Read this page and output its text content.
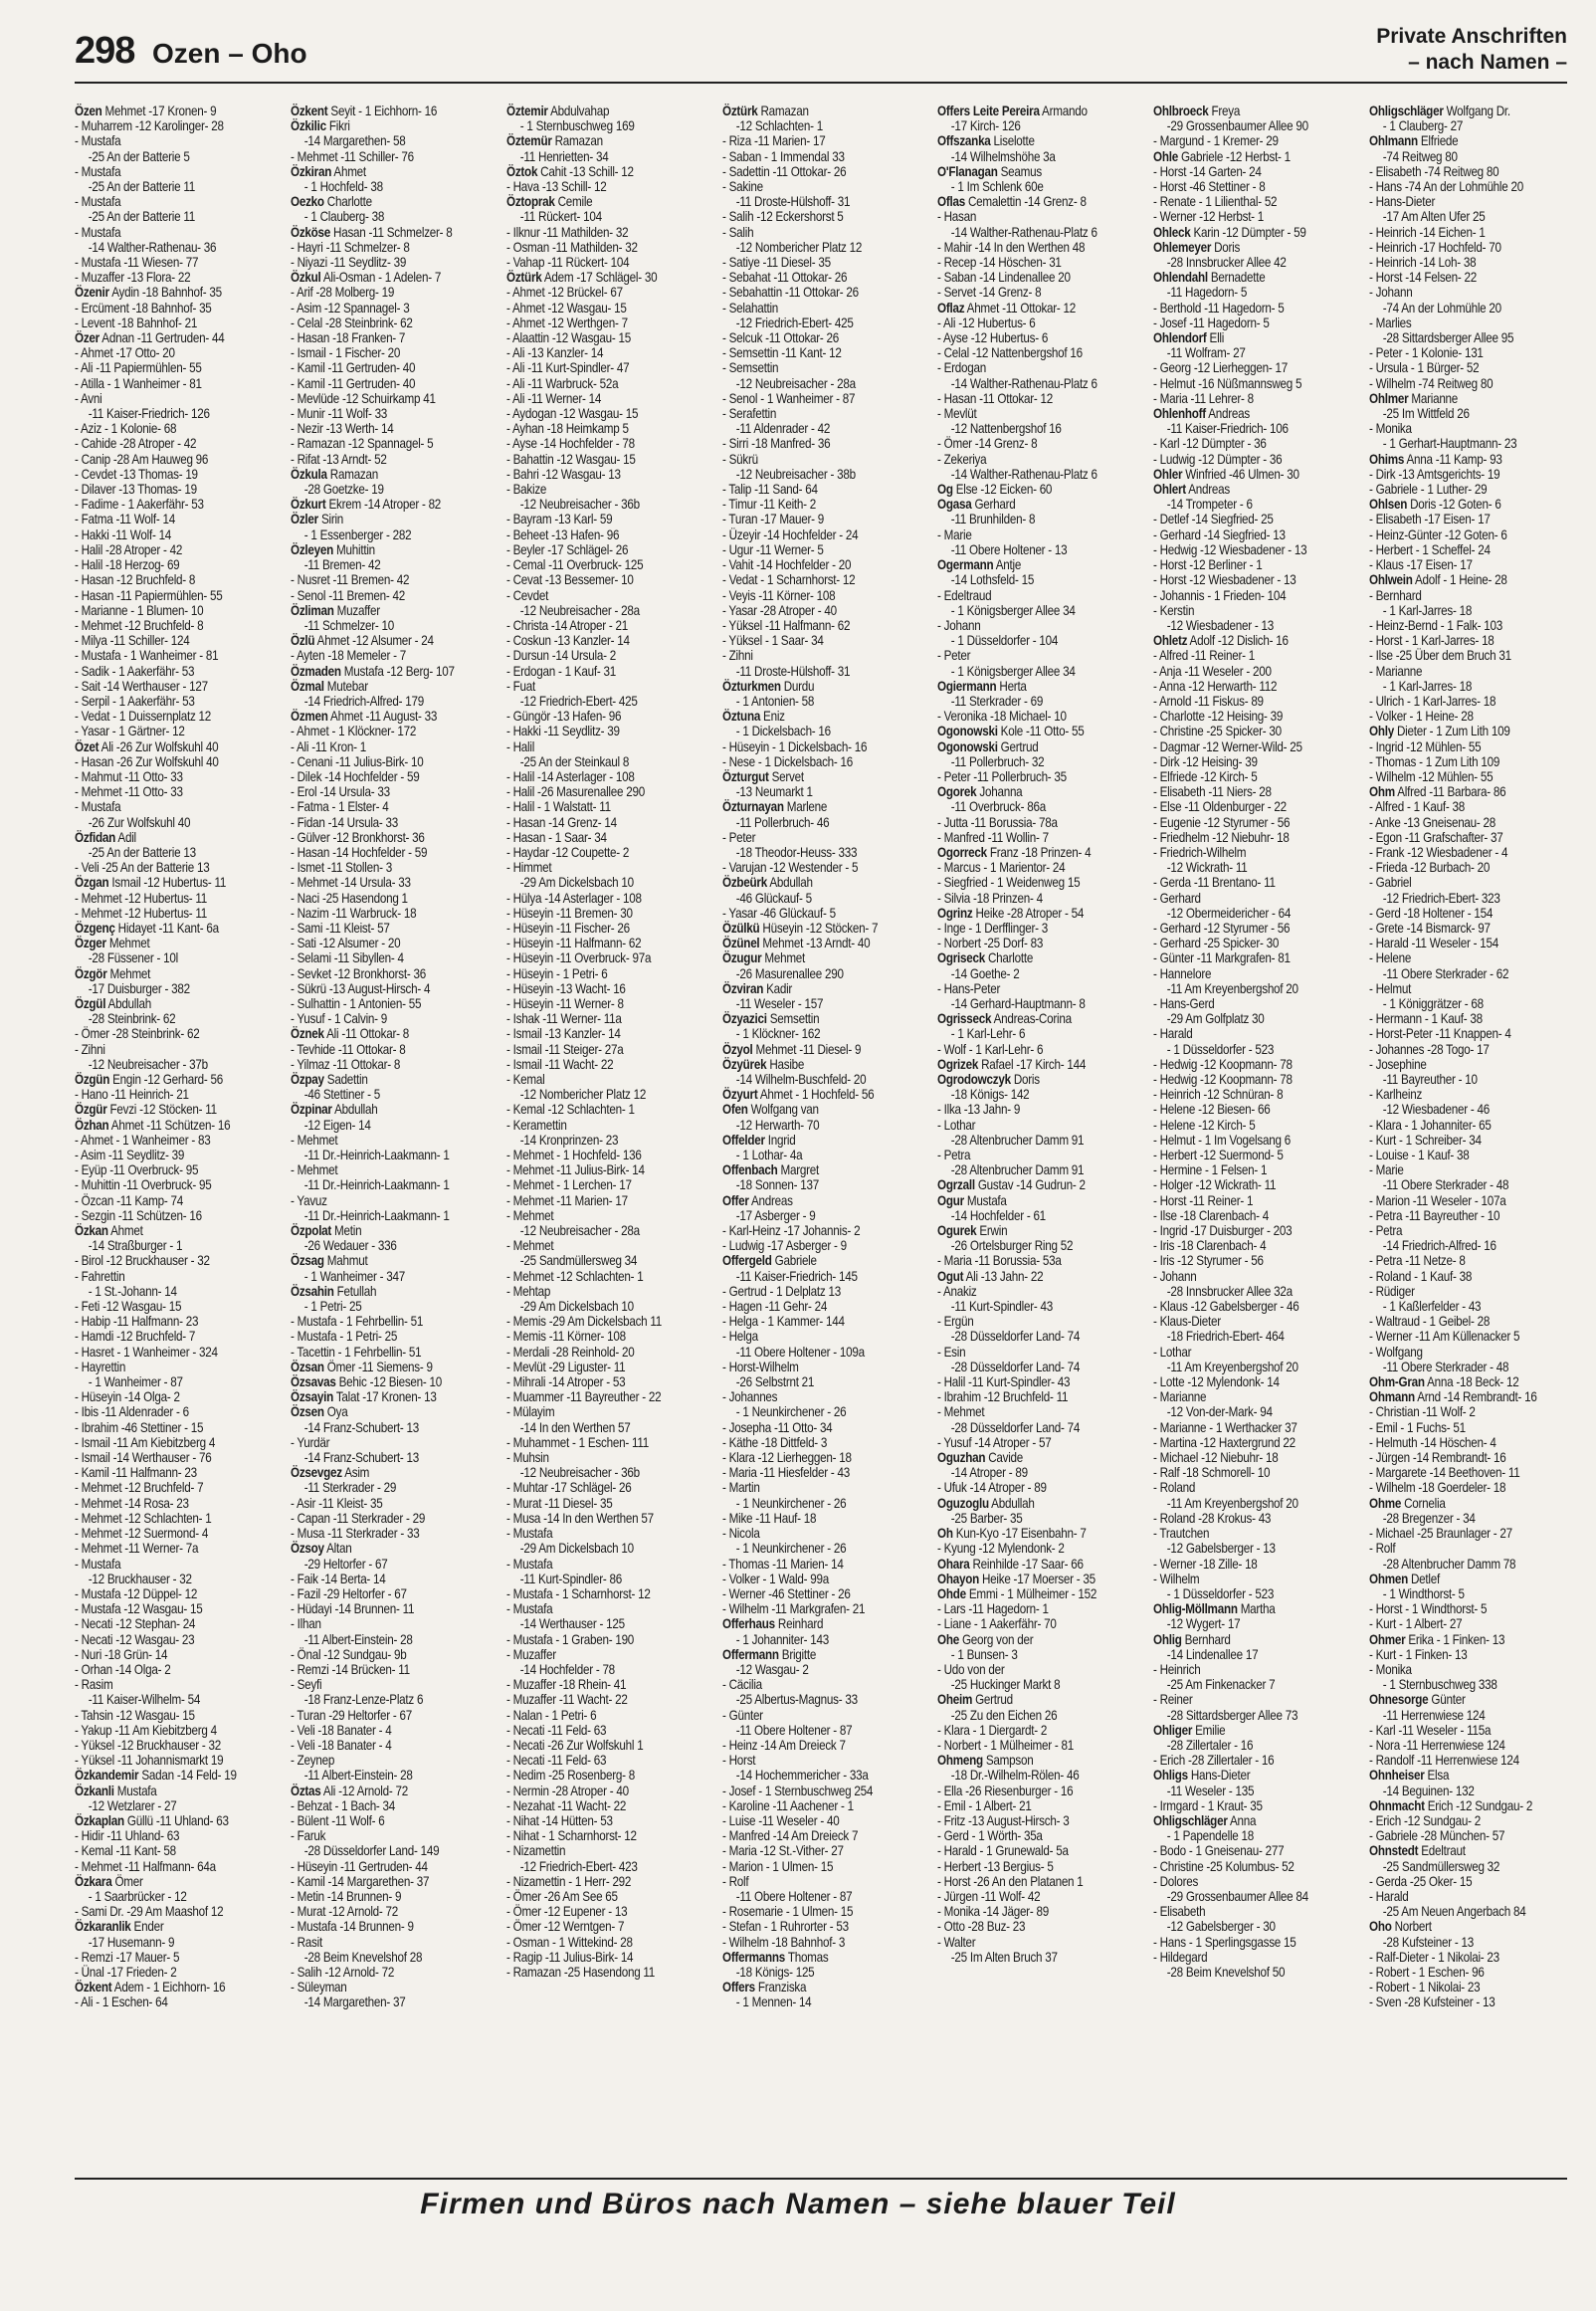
298 Ozen – Oho
Private Anschriften
– nach Namen –
Özen Mehmet -17 Kronen- 9
- Muharrem -12 Karolinger- 28
- Mustafa
-25 An der Batterie 5
- Mustafa
-25 An der Batterie 11
- Mustafa
-25 An der Batterie 11
- Mustafa
-14 Walther-Rathenau- 36
- Mustafa -11 Wiesen- 77
- Muzaffer -13 Flora- 22
Özenir Aydin -18 Bahnhof- 35
- Ercüment -18 Bahnhof- 35
- Levent -18 Bahnhof- 21
Özer Adnan -11 Gertruden- 44
- Ahmet -17 Otto- 20
- Ali -11 Papiermühlen- 55
- Atilla - 1 Wanheimer - 81
- Avni
-11 Kaiser-Friedrich- 126
- Aziz - 1 Kolonie- 68
- Cahide -28 Atroper - 42
- Canip -28 Am Hauweg 96
- Cevdet -13 Thomas- 19
- Dilaver -13 Thomas- 19
- Fadime - 1 Aakerfähr- 53
- Fatma -11 Wolf- 14
- Hakki -11 Wolf- 14
- Halil -28 Atroper - 42
- Halil -18 Herzog- 69
- Hasan -12 Bruchfeld- 8
- Hasan -11 Papiermühlen- 55
- Marianne - 1 Blumen- 10
- Mehmet -12 Bruchfeld- 8
- Milya -11 Schiller- 124
- Mustafa - 1 Wanheimer - 81
- Sadik - 1 Aakerfähr- 53
- Sait -14 Werthauser - 127
- Serpil - 1 Aakerfähr- 53
- Vedat - 1 Duissernplatz 12
- Yasar - 1 Gärtner- 12
Özet Ali -26 Zur Wolfskuhl 40
- Hasan -26 Zur Wolfskuhl 40
- Mahmut -11 Otto- 33
- Mehmet -11 Otto- 33
- Mustafa
-26 Zur Wolfskuhl 40
Özfidan Adil
-25 An der Batterie 13
- Veli -25 An der Batterie 13
Özgan Ismail -12 Hubertus- 11
- Mehmet -12 Hubertus- 11
- Mehmet -12 Hubertus- 11
Özgenç Hidayet -11 Kant- 6a
Özger Mehmet
-28 Füssener - 10l
Özgör Mehmet
-17 Duisburger - 382
Özgül Abdullah
-28 Steinbrink- 62
- Ömer -28 Steinbrink- 62
- Zihni
-12 Neubreisacher - 37b
Özgün Engin -12 Gerhard- 56
- Hano -11 Heinrich- 21
Özgür Fevzi -12 Stöcken- 11
Özhan Ahmet -11 Schützen- 16
- Ahmet - 1 Wanheimer - 83
- Asim -11 Seydlitz- 39
- Eyüp -11 Overbruck- 95
- Muhittin -11 Overbruck- 95
- Özcan -11 Kamp- 74
- Sezgin -11 Schützen- 16
Özkan Ahmet
-14 Straßburger - 1
- Birol -12 Bruckhauser - 32
- Fahrettin
- 1 St.-Johann- 14
- Feti -12 Wasgau- 15
- Habip -11 Halfmann- 23
- Hamdi -12 Bruchfeld- 7
- Hasret - 1 Wanheimer - 324
- Hayrettin
- 1 Wanheimer - 87
- Hüseyin -14 Olga- 2
- Ibis -11 Aldenrader - 6
- Ibrahim -46 Stettiner - 15
- Ismail -11 Am Kiebitzberg 4
- Ismail -14 Werthauser - 76
- Kamil -11 Halfmann- 23
- Mehmet -12 Bruchfeld- 7
- Mehmet -14 Rosa- 23
- Mehmet -12 Schlachten- 1
- Mehmet -12 Suermond- 4
- Mehmet -11 Werner- 7a
- Mustafa
-12 Bruckhauser - 32
- Mustafa -12 Düppel- 12
- Mustafa -12 Wasgau- 15
- Necati -12 Stephan- 24
- Necati -12 Wasgau- 23
- Nuri -18 Grün- 14
- Orhan -14 Olga- 2
- Rasim
-11 Kaiser-Wilhelm- 54
- Tahsin -12 Wasgau- 15
- Yakup -11 Am Kiebitzberg 4
- Yüksel -12 Bruckhauser - 32
- Yüksel -11 Johannismarkt 19
Özkandemir Sadan -14 Feld- 19
Özkanli Mustafa
-12 Wetzlarer - 27
Özkaplan Güllü -11 Uhland- 63
- Hidir -11 Uhland- 63
- Kemal -11 Kant- 58
- Mehmet -11 Halfmann- 64a
Özkara Ömer
- 1 Saarbrücker - 12
- Sami Dr. -29 Am Maashof 12
Özkaranlik Ender
-17 Husemann- 9
- Remzi -17 Mauer- 5
- Ünal -17 Frieden- 2
Özkent Adem - 1 Eichhorn- 16
- Ali - 1 Eschen- 64
Özkent Seyit - 1 Eichhorn- 16
Özkilic Fikri
-14 Margarethen- 58
- Mehmet -11 Schiller- 76
Özkiran Ahmet
- 1 Hochfeld- 38
Oezko Charlotte
- 1 Clauberg- 38
Özköse Hasan -11 Schmelzer- 8
- Hayri -11 Schmelzer- 8
- Niyazi -11 Seydlitz- 39
Özkul Ali-Osman - 1 Adelen- 7
- Arif -28 Molberg- 19
- Asim -12 Spannagel- 3
- Celal -28 Steinbrink- 62
- Hasan -18 Franken- 7
- Ismail - 1 Fischer- 20
- Kamil -11 Gertruden- 40
- Kamil -11 Gertruden- 40
- Mevlüde -12 Schuirkamp 41
- Munir -11 Wolf- 33
- Nezir -13 Werth- 14
- Ramazan -12 Spannagel- 5
- Rifat -13 Arndt- 52
Özkula Ramazan
-28 Goetzke- 19
Özkurt Ekrem -14 Atroper - 82
Özler Sirin
- 1 Essenberger - 282
Özleyen Muhittin
-11 Bremen- 42
- Nusret -11 Bremen- 42
- Senol -11 Bremen- 42
Özliman Muzaffer
-11 Schmelzer- 10
Özlü Ahmet -12 Alsumer - 24
- Ayten -18 Memeler - 7
Özmaden Mustafa -12 Berg- 107
Özmal Mutebar
-14 Friedrich-Alfred- 179
Özmen Ahmet -11 August- 33
- Ahmet - 1 Klöckner- 172
- Ali -11 Kron- 1
- Cenani -11 Julius-Birk- 10
- Dilek -14 Hochfelder - 59
- Erol -14 Ursula- 33
- Fatma - 1 Elster- 4
- Fidan -14 Ursula- 33
- Gülver -12 Bronkhorst- 36
- Hasan -14 Hochfelder - 59
- Ismet -11 Stollen- 3
- Mehmet -14 Ursula- 33
- Naci -25 Hasendong 1
- Nazim -11 Warbruck- 18
- Sami -11 Kleist- 57
- Sati -12 Alsumer - 20
- Selami -11 Sibyllen- 4
- Sevket -12 Bronkhorst- 36
- Sükrü -13 August-Hirsch- 4
- Sulhattin - 1 Antonien- 55
- Yusuf - 1 Calvin- 9
Öznek Ali -11 Ottokar- 8
- Tevhide -11 Ottokar- 8
- Yilmaz -11 Ottokar- 8
Özpay Sadettin
-46 Stettiner - 5
Özpinar Abdullah
-12 Eigen- 14
- Mehmet
-11 Dr.-Heinrich-Laakmann- 1
- Mehmet
-11 Dr.-Heinrich-Laakmann- 1
- Yavuz
-11 Dr.-Heinrich-Laakmann- 1
Özpolat Metin
-26 Wedauer - 336
Özsag Mahmut
- 1 Wanheimer - 347
Özsahin Fetullah
- 1 Petri- 25
- Mustafa - 1 Fehrbellin- 51
- Mustafa - 1 Petri- 25
- Tacettin - 1 Fehrbellin- 51
Özsan Ömer -11 Siemens- 9
Özsavas Behic -12 Biesen- 10
Özsayin Talat -17 Kronen- 13
Özsen Oya
-14 Franz-Schubert- 13
- Yurdär
-14 Franz-Schubert- 13
Özsevgez Asim
-11 Sterkrader - 29
- Asir -11 Kleist- 35
- Capan -11 Sterkrader - 29
- Musa -11 Sterkrader - 33
Özsoy Altan
-29 Heltorfer - 67
- Faik -14 Berta- 14
- Fazil -29 Heltorfer - 67
- Hüdayi -14 Brunnen- 11
- Ilhan
-11 Albert-Einstein- 28
- Önal -12 Sundgau- 9b
- Remzi -14 Brücken- 11
- Seyfi
-18 Franz-Lenze-Platz 6
- Turan -29 Heltorfer - 67
- Veli -18 Banater - 4
- Veli -18 Banater - 4
- Zeynep
-11 Albert-Einstein- 28
Öztas Ali -12 Arnold- 72
- Behzat - 1 Bach- 34
- Bülent -11 Wolf- 6
- Faruk
-28 Düsseldorfer Land- 149
- Hüseyin -11 Gertruden- 44
- Kamil -14 Margarethen- 37
- Metin -14 Brunnen- 9
- Murat -12 Arnold- 72
- Mustafa -14 Brunnen- 9
- Rasit
-28 Beim Knevelshof 28
- Salih -12 Arnold- 72
- Süleyman
-14 Margarethen- 37
Öztemir Abdulvahap
- 1 Sternbuschweg 169
Öztemür Ramazan
-11 Henrietten- 34
Öztok Cahit -13 Schill- 12
- Hava -13 Schill- 12
Öztoprak Cemile
-11 Rückert- 104
- Ilknur -11 Mathilden- 32
- Osman -11 Mathilden- 32
- Vahap -11 Rückert- 104
Öztürk Adem -17 Schlägel- 30
- Ahmet -12 Brückel- 67
- Ahmet -12 Wasgau- 15
- Ahmet -12 Werthgen- 7
- Alaattin -12 Wasgau- 15
- Ali -13 Kanzler- 14
- Ali -11 Kurt-Spindler- 47
- Ali -11 Warbruck- 52a
- Ali -11 Werner- 14
- Aydogan -12 Wasgau- 15
- Ayhan -18 Heimkamp 5
- Ayse -14 Hochfelder - 78
- Bahattin -12 Wasgau- 15
- Bahri -12 Wasgau- 13
- Bakize
-12 Neubreisacher - 36b
- Bayram -13 Karl- 59
- Beheet -13 Hafen- 96
- Beyler -17 Schlägel- 26
- Cemal -11 Overbruck- 125
- Cevat -13 Bessemer- 10
- Cevdet
-12 Neubreisacher - 28a
- Christa -14 Atroper - 21
- Coskun -13 Kanzler- 14
- Dursun -14 Ursula- 2
- Erdogan - 1 Kauf- 31
- Fuat
-12 Friedrich-Ebert- 425
- Güngör -13 Hafen- 96
- Hakki -11 Seydlitz- 39
- Halil
-25 An der Steinkaul 8
- Halil -14 Asterlager - 108
- Halil -26 Masurenallee 290
- Halil - 1 Walstatt- 11
- Hasan -14 Grenz- 14
- Hasan - 1 Saar- 34
- Haydar -12 Coupette- 2
- Himmet
-29 Am Dickelsbach 10
- Hülya -14 Asterlager - 108
- Hüseyin -11 Bremen- 30
- Hüseyin -11 Fischer- 26
- Hüseyin -11 Halfmann- 62
- Hüseyin -11 Overbruck- 97a
- Hüseyin - 1 Petri- 6
- Hüseyin -13 Wacht- 16
- Hüseyin -11 Werner- 8
- Ishak -11 Werner- 11a
- Ismail -13 Kanzler- 14
- Ismail -11 Steiger- 27a
- Ismail -11 Wacht- 22
- Kemal
-12 Nombericher Platz 12
- Kemal -12 Schlachten- 1
- Keramettin
-14 Kronprinzen- 23
- Mehmet - 1 Hochfeld- 136
- Mehmet -11 Julius-Birk- 14
- Mehmet - 1 Lerchen- 17
- Mehmet -11 Marien- 17
- Mehmet
-12 Neubreisacher - 28a
- Mehmet
-25 Sandmüllersweg 34
- Mehmet -12 Schlachten- 1
- Mehtap
-29 Am Dickelsbach 10
- Memis -29 Am Dickelsbach 11
- Memis -11 Körner- 108
- Merdali -28 Reinhold- 20
- Mevlüt -29 Liguster- 11
- Mihrali -14 Atroper - 53
- Muammer -11 Bayreuther - 22
- Mülayim
-14 In den Werthen 57
- Muhammet - 1 Eschen- 111
- Muhsin
-12 Neubreisacher - 36b
- Muhtar -17 Schlägel- 26
- Murat -11 Diesel- 35
- Musa -14 In den Werthen 57
- Mustafa
-29 Am Dickelsbach 10
- Mustafa
-11 Kurt-Spindler- 86
- Mustafa - 1 Scharnhorst- 12
- Mustafa
-14 Werthauser - 125
- Mustafa - 1 Graben- 190
- Muzaffer
-14 Hochfelder - 78
- Muzaffer -18 Rhein- 41
- Muzaffer -11 Wacht- 22
- Nalan - 1 Petri- 6
- Necati -11 Feld- 63
- Necati -26 Zur Wolfskuhl 1
- Necati -11 Feld- 63
- Nedim -25 Rosenberg- 8
- Nermin -28 Atroper - 40
- Nezahat -11 Wacht- 22
- Nihat -14 Hütten- 53
- Nihat - 1 Scharnhorst- 12
- Nizamettin
-12 Friedrich-Ebert- 423
- Nizamettin - 1 Herr- 292
- Ömer -26 Am See 65
- Ömer -12 Eupener - 13
- Ömer -12 Werntgen- 7
- Osman - 1 Wittekind- 28
- Ragip -11 Julius-Birk- 14
- Ramazan -25 Hasendong 11
Öztürk Ramazan
-12 Schlachten- 1
- Riza -11 Marien- 17
- Saban - 1 Immendal 33
- Sadettin -11 Ottokar- 26
- Sakine
-11 Droste-Hülshoff- 31
- Salih -12 Eckershorst 5
- Salih
-12 Nombericher Platz 12
- Satiye -11 Diesel- 35
- Sebahat -11 Ottokar- 26
- Sebahattin -11 Ottokar- 26
- Selahattin
-12 Friedrich-Ebert- 425
- Selcuk -11 Ottokar- 26
- Semsettin -11 Kant- 12
- Semsettin
-12 Neubreisacher - 28a
- Senol - 1 Wanheimer - 87
- Serafettin
-11 Aldenrader - 42
- Sirri -18 Manfred- 36
- Sükrü
-12 Neubreisacher - 38b
- Talip -11 Sand- 64
- Timur -11 Keith- 2
- Turan -17 Mauer- 9
- Üzeyir -14 Hochfelder - 24
- Ugur -11 Werner- 5
- Vahit -14 Hochfelder - 20
- Vedat - 1 Scharnhorst- 12
- Veyis -11 Körner- 108
- Yasar -28 Atroper - 40
- Yüksel -11 Halfmann- 62
- Yüksel - 1 Saar- 34
- Zihni
-11 Droste-Hülshoff- 31
Özturkmen Durdu
- 1 Antonien- 58
Öztuna Eniz
- 1 Dickelsbach- 16
- Hüseyin - 1 Dickelsbach- 16
- Nese - 1 Dickelsbach- 16
Özturgut Servet
-13 Neumarkt 1
Özturnayan Marlene
-11 Pollerbruch- 46
- Peter
-18 Theodor-Heuss- 333
- Varujan -12 Westender - 5
Özbeürk Abdullah
-46 Glückauf- 5
- Yasar -46 Glückauf- 5
Özülkü Hüseyin -12 Stöcken- 7
Özünel Mehmet -13 Arndt- 40
Özugur Mehmet
-26 Masurenallee 290
Özviran Kadir
-11 Weseler - 157
Özyazici Semsettin
- 1 Klöckner- 162
Özyol Mehmet -11 Diesel- 9
Özyürek Hasibe
-14 Wilhelm-Buschfeld- 20
Özyurt Ahmet - 1 Hochfeld- 56
Ofen Wolfgang van
-12 Herwarth- 70
Offelder Ingrid
- 1 Lothar- 4a
Offenbach Margret
-18 Sonnen- 137
Offer Andreas
-17 Asberger - 9
- Karl-Heinz -17 Johannis- 2
- Ludwig -17 Asberger - 9
Offergeld Gabriele
-11 Kaiser-Friedrich- 145
- Gertrud - 1 Delplatz 13
- Hagen -11 Gehr- 24
- Helga - 1 Kammer- 144
- Helga
-11 Obere Holtener - 109a
- Horst-Wilhelm
-26 Selbstrnt 21
- Johannes
- 1 Neunkirchener - 26
- Josepha -11 Otto- 34
- Käthe -18 Dittfeld- 3
- Klara -12 Lierheggen- 18
- Maria -11 Hiesfelder - 43
- Martin
- 1 Neunkirchener - 26
- Mike -11 Hauf- 18
- Nicola
- 1 Neunkirchener - 26
- Thomas -11 Marien- 14
- Volker - 1 Wald- 99a
- Werner -46 Stettiner - 26
- Wilhelm -11 Markgrafen- 21
Offerhaus Reinhard
- 1 Johanniter- 143
Offermann Brigitte
-12 Wasgau- 2
- Cäcilia
-25 Albertus-Magnus- 33
- Günter
-11 Obere Holtener - 87
- Heinz -14 Am Dreieck 7
- Horst
-14 Hochemmericher - 33a
- Josef - 1 Sternbuschweg 254
- Karoline -11 Aachener - 1
- Luise -11 Weseler - 40
- Manfred -14 Am Dreieck 7
- Maria -12 St.-Vither- 27
- Marion - 1 Ulmen- 15
- Rolf
-11 Obere Holtener - 87
- Rosemarie - 1 Ulmen- 15
- Stefan - 1 Ruhrorter - 53
- Wilhelm -18 Bahnhof- 3
Offermanns Thomas
-18 Königs- 125
Offers Franziska
- 1 Mennen- 14
Offers Leite Pereira Armando
-17 Kirch- 126
Offszanka Liselotte
-14 Wilhelmshöhe 3a
O'Flanagan Seamus
- 1 Im Schlenk 60e
Oflas Cemalettin -14 Grenz- 8
- Hasan
-14 Walther-Rathenau-Platz 6
- Mahir -14 In den Werthen 48
- Recep -14 Höschen- 31
- Saban -14 Lindenallee 20
- Servet -14 Grenz- 8
Oflaz Ahmet -11 Ottokar- 12
- Ali -12 Hubertus- 6
- Ayse -12 Hubertus- 6
- Celal -12 Nattenbergshof 16
- Erdogan
-14 Walther-Rathenau-Platz 6
- Hasan -11 Ottokar- 12
- Mevlüt
-12 Nattenbergshof 16
- Ömer -14 Grenz- 8
- Zekeriya
-14 Walther-Rathenau-Platz 6
Og Else -12 Eicken- 60
Ogasa Gerhard
-11 Brunhilden- 8
- Marie
-11 Obere Holtener - 13
Ogermann Antje
-14 Lothsfeld- 15
- Edeltraud
- 1 Königsberger Allee 34
- Johann
- 1 Düsseldorfer - 104
- Peter
- 1 Königsberger Allee 34
Ogiermann Herta
-11 Sterkrader - 69
- Veronika -18 Michael- 10
Ogonowski Kole -11 Otto- 55
Ogonowski Gertrud
-11 Pollerbruch- 32
- Peter -11 Pollerbruch- 35
Ogorek Johanna
-11 Overbruck- 86a
- Jutta -11 Borussia- 78a
- Manfred -11 Wollin- 7
Ogorreck Franz -18 Prinzen- 4
- Marcus - 1 Marientor- 24
- Siegfried - 1 Weidenweg 15
- Silvia -18 Prinzen- 4
Ogrinz Heike -28 Atroper - 54
- Inge - 1 Derfflinger- 3
- Norbert -25 Dorf- 83
Ogriseck Charlotte
-14 Goethe- 2
- Hans-Peter
-14 Gerhard-Hauptmann- 8
Ogrisseck Andreas-Corina
- 1 Karl-Lehr- 6
- Wolf - 1 Karl-Lehr- 6
Ogrizek Rafael -17 Kirch- 144
Ogrodowczyk Doris
-18 Königs- 142
- Ilka -13 Jahn- 9
- Lothar
-28 Altenbrucher Damm 91
- Petra
-28 Altenbrucher Damm 91
Ogrzall Gustav -14 Gudrun- 2
Ogur Mustafa
-14 Hochfelder - 61
Ogurek Erwin
-26 Ortelsburger Ring 52
- Maria -11 Borussia- 53a
Ogut Ali -13 Jahn- 22
- Anakiz
-11 Kurt-Spindler- 43
- Ergün
-28 Düsseldorfer Land- 74
- Esin
-28 Düsseldorfer Land- 74
- Halil -11 Kurt-Spindler- 43
- Ibrahim -12 Bruchfeld- 11
- Mehmet
-28 Düsseldorfer Land- 74
- Yusuf -14 Atroper - 57
Oguzhan Cavide
-14 Atroper - 89
- Ufuk -14 Atroper - 89
Oguzoglu Abdullah
-25 Barber- 35
Oh Kun-Kyo -17 Eisenbahn- 7
- Kyung -12 Mylendonk- 2
Ohara Reinhilde -17 Saar- 66
Ohayon Heike -17 Moerser - 35
Ohde Emmi - 1 Mülheimer - 152
- Lars -11 Hagedorn- 1
- Liane - 1 Aakerfähr- 70
Ohe Georg von der
- 1 Bunsen- 3
- Udo von der
-25 Huckinger Markt 8
Oheim Gertrud
-25 Zu den Eichen 26
- Klara - 1 Diergardt- 2
- Norbert - 1 Mülheimer - 81
Ohmeng Sampson
-18 Dr.-Wilhelm-Rölen- 46
- Ella -26 Riesenburger - 16
- Emil - 1 Albert- 21
- Fritz -13 August-Hirsch- 3
- Gerd - 1 Wörth- 35a
- Harald - 1 Grunewald- 5a
- Herbert -13 Bergius- 5
- Horst -26 An den Platanen 1
- Jürgen -11 Wolf- 42
- Monika -14 Jäger- 89
- Otto -28 Buz- 23
- Walter
-25 Im Alten Bruch 37
Ohlbroeck Freya
-29 Grossenbaumer Allee 90
- Margund - 1 Kremer- 29
Ohle Gabriele -12 Herbst- 1
- Horst -14 Garten- 24
- Horst -46 Stettiner - 8
- Renate - 1 Lilienthal- 52
- Werner -12 Herbst- 1
Ohleck Karin -12 Dümpter - 59
Ohlemeyer Doris
-28 Innsbrucker Allee 42
Ohlendahl Bernadette
-11 Hagedorn- 5
- Berthold -11 Hagedorn- 5
- Josef -11 Hagedorn- 5
Ohlendorf Elli
-11 Wolfram- 27
- Georg -12 Lierheggen- 17
- Helmut -16 Nüßmannsweg 5
- Maria -11 Lehrer- 8
Ohlenhoff Andreas
-11 Kaiser-Friedrich- 106
- Karl -12 Dümpter - 36
- Ludwig -12 Dümpter - 36
Ohler Winfried -46 Ulmen- 30
Ohlert Andreas
-14 Trompeter - 6
- Detlef -14 Siegfried- 25
- Gerhard -14 Siegfried- 13
- Hedwig -12 Wiesbadener - 13
- Horst -12 Berliner - 1
- Horst -12 Wiesbadener - 13
- Johannis - 1 Frieden- 104
- Kerstin
-12 Wiesbadener - 13
Ohletz Adolf -12 Dislich- 16
- Alfred -11 Reiner- 1
- Anja -11 Weseler - 200
- Anna -12 Herwarth- 112
- Arnold -11 Fiskus- 89
- Charlotte -12 Heising- 39
- Christine -25 Spicker- 30
- Dagmar -12 Werner-Wild- 25
- Dirk -12 Heising- 39
- Elfriede -12 Kirch- 5
- Elisabeth -11 Niers- 28
- Else -11 Oldenburger - 22
- Eugenie -12 Styrumer - 56
- Friedhelm -12 Niebuhr- 18
- Friedrich-Wilhelm
-12 Wickrath- 11
- Gerda -11 Brentano- 11
- Gerhard
-12 Obermeidericher - 64
- Gerhard -12 Styrumer - 56
- Gerhard -25 Spicker- 30
- Günter -11 Markgrafen- 81
- Hannelore
-11 Am Kreyenbergshof 20
- Hans-Gerd
-29 Am Golfplatz 30
- Harald
- 1 Düsseldorfer - 523
- Hedwig -12 Koopmann- 78
- Hedwig -12 Koopmann- 78
- Heinrich -12 Schnüran- 8
- Helene -12 Biesen- 66
- Helene -12 Kirch- 5
- Helmut - 1 Im Vogelsang 6
- Herbert -12 Suermond- 5
- Hermine - 1 Felsen- 1
- Holger -12 Wickrath- 11
- Horst -11 Reiner- 1
- Ilse -18 Clarenbach- 4
- Ingrid -17 Duisburger - 203
- Iris -18 Clarenbach- 4
- Iris -12 Styrumer - 56
- Johann
-28 Innsbrucker Allee 32a
- Klaus -12 Gabelsberger - 46
- Klaus-Dieter
-18 Friedrich-Ebert- 464
- Lothar
-11 Am Kreyenbergshof 20
- Lotte -12 Mylendonk- 14
- Marianne
-12 Von-der-Mark- 94
- Marianne - 1 Werthacker 37
- Martina -12 Haxtergrund 22
- Michael -12 Niebuhr- 18
- Ralf -18 Schmorell- 10
- Roland
-11 Am Kreyenbergshof 20
- Roland -28 Krokus- 43
- Trautchen
-12 Gabelsberger - 13
- Werner -18 Zille- 18
- Wilhelm
- 1 Düsseldorfer - 523
Ohlig-Möllmann Martha
-12 Wygert- 17
Ohlig Bernhard
-14 Lindenallee 17
- Heinrich
-25 Am Finkenacker 7
- Reiner
-28 Sittardsberger Allee 73
Ohliger Emilie
-28 Zillertaler - 16
- Erich -28 Zillertaler - 16
Ohligs Hans-Dieter
-11 Weseler - 135
- Irmgard - 1 Kraut- 35
Ohligschläger Anna
- 1 Papendelle 18
- Bodo - 1 Gneisenau- 277
- Christine -25 Kolumbus- 52
- Dolores
-29 Grossenbaumer Allee 84
- Elisabeth
-12 Gabelsberger - 30
- Hans - 1 Sperlingsgasse 15
- Hildegard
-28 Beim Knevelshof 50
Ohligschläger Wolfgang Dr.
- 1 Clauberg- 27
Ohlmann Elfriede
-74 Reitweg 80
- Elisabeth -74 Reitweg 80
- Hans -74 An der Lohmühle 20
- Hans-Dieter
-17 Am Alten Ufer 25
- Heinrich -14 Eichen- 1
- Heinrich -17 Hochfeld- 70
- Heinrich -14 Loh- 38
- Horst -14 Felsen- 22
- Johann
-74 An der Lohmühle 20
- Marlies
-28 Sittardsberger Allee 95
- Peter - 1 Kolonie- 131
- Ursula - 1 Bürger- 52
- Wilhelm -74 Reitweg 80
Ohlmer Marianne
-25 Im Wittfeld 26
- Monika
- 1 Gerhart-Hauptmann- 23
Ohims Anna -11 Kamp- 93
- Dirk -13 Amtsgerichts- 19
- Gabriele - 1 Luther- 29
Ohlsen Doris -12 Goten- 6
- Elisabeth -17 Eisen- 17
- Heinz-Günter -12 Goten- 6
- Herbert - 1 Scheffel- 24
- Klaus -17 Eisen- 17
Ohlwein Adolf - 1 Heine- 28
- Bernhard
- 1 Karl-Jarres- 18
- Heinz-Bernd - 1 Falk- 103
- Horst - 1 Karl-Jarres- 18
- Ilse -25 Über dem Bruch 31
- Marianne
- 1 Karl-Jarres- 18
- Ulrich - 1 Karl-Jarres- 18
- Volker - 1 Heine- 28
Ohly Dieter - 1 Zum Lith 109
- Ingrid -12 Mühlen- 55
- Thomas - 1 Zum Lith 109
- Wilhelm -12 Mühlen- 55
Ohm Alfred -11 Barbara- 86
- Alfred - 1 Kauf- 38
- Anke -13 Gneisenau- 28
- Egon -11 Grafschafter- 37
- Frank -12 Wiesbadener - 4
- Frieda -12 Burbach- 20
- Gabriel
-12 Friedrich-Ebert- 323
- Gerd -18 Holtener - 154
- Grete -14 Bismarck- 97
- Harald -11 Weseler - 154
- Helene
-11 Obere Sterkrader - 62
- Helmut
- 1 Königgrätzer - 68
- Hermann - 1 Kauf- 38
- Horst-Peter -11 Knappen- 4
- Johannes -28 Togo- 17
- Josephine
-11 Bayreuther - 10
- Karlheinz
-12 Wiesbadener - 46
- Klara - 1 Johanniter- 65
- Kurt - 1 Schreiber- 34
- Louise - 1 Kauf- 38
- Marie
-11 Obere Sterkrader - 48
- Marion -11 Weseler - 107a
- Petra -11 Bayreuther - 10
- Petra
-14 Friedrich-Alfred- 16
- Petra -11 Netze- 8
- Roland - 1 Kauf- 38
- Rüdiger
- 1 Kaßlerfelder - 43
- Waltraud - 1 Geibel- 28
- Werner -11 Am Küllenacker 5
- Wolfgang
-11 Obere Sterkrader - 48
Ohm-Gran Anna -18 Beck- 12
Ohmann Arnd -14 Rembrandt- 16
- Christian -11 Wolf- 2
- Emil - 1 Fuchs- 51
- Helmuth -14 Höschen- 4
- Jürgen -14 Rembrandt- 16
- Margarete -14 Beethoven- 11
- Wilhelm -18 Goerdeler- 18
Ohme Cornelia
-28 Bregenzer - 34
- Michael -25 Braunlager - 27
- Rolf
-28 Altenbrucher Damm 78
Ohmen Detlef
- 1 Windthorst- 5
- Horst - 1 Windthorst- 5
- Kurt - 1 Albert- 27
Ohmer Erika - 1 Finken- 13
- Kurt - 1 Finken- 13
- Monika
- 1 Sternbuschweg 338
Ohnesorge Günter
-11 Herrenwiese 124
- Karl -11 Weseler - 115a
- Nora -11 Herrenwiese 124
- Randolf -11 Herrenwiese 124
Ohnheiser Elsa
-14 Beguinen- 132
Ohnmacht Erich -12 Sundgau- 2
- Erich -12 Sundgau- 2
- Gabriele -28 München- 57
Ohnstedt Edeltraut
-25 Sandmüllersweg 32
- Gerda -25 Oker- 15
- Harald
-25 Am Neuen Angerbach 84
Oho Norbert
-28 Kufsteiner - 13
- Ralf-Dieter - 1 Nikolai- 23
- Robert - 1 Eschen- 96
- Robert - 1 Nikolai- 23
- Sven -28 Kufsteiner - 13
Firmen und Büros nach Namen – siehe blauer Teil
